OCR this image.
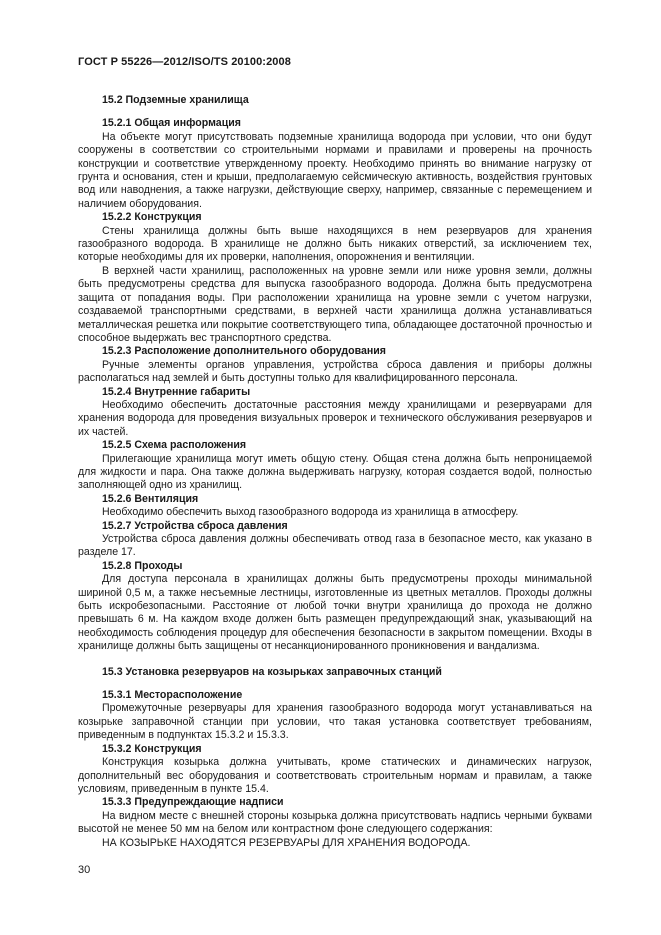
ГОСТ Р 55226—2012/ISO/TS 20100:2008
15.2 Подземные хранилища
15.2.1 Общая информация

На объекте могут присутствовать подземные хранилища водорода при условии, что они будут сооружены в соответствии со строительными нормами и правилами и проверены на прочность конструкции и соответствие утвержденному проекту. Необходимо принять во внимание нагрузку от грунта и основания, стен и крыши, предполагаемую сейсмическую активность, воздействия грунтовых вод или наводнения, а также нагрузки, действующие сверху, например, связанные с перемещением и наличием оборудования.

15.2.2 Конструкция

Стены хранилища должны быть выше находящихся в нем резервуаров для хранения газообразного водорода. В хранилище не должно быть никаких отверстий, за исключением тех, которые необходимы для их проверки, наполнения, опорожнения и вентиляции.

В верхней части хранилищ, расположенных на уровне земли или ниже уровня земли, должны быть предусмотрены средства для выпуска газообразного водорода. Должна быть предусмотрена защита от попадания воды. При расположении хранилища на уровне земли с учетом нагрузки, создаваемой транспортными средствами, в верхней части хранилища должна устанавливаться металлическая решетка или покрытие соответствующего типа, обладающее достаточной прочностью и способное выдержать вес транспортного средства.

15.2.3 Расположение дополнительного оборудования

Ручные элементы органов управления, устройства сброса давления и приборы должны располагаться над землей и быть доступны только для квалифицированного персонала.

15.2.4 Внутренние габариты

Необходимо обеспечить достаточные расстояния между хранилищами и резервуарами для хранения водорода для проведения визуальных проверок и технического обслуживания резервуаров и их частей.

15.2.5 Схема расположения

Прилегающие хранилища могут иметь общую стену. Общая стена должна быть непроницаемой для жидкости и пара. Она также должна выдерживать нагрузку, которая создается водой, полностью заполняющей одно из хранилищ.

15.2.6 Вентиляция

Необходимо обеспечить выход газообразного водорода из хранилища в атмосферу.

15.2.7 Устройства сброса давления

Устройства сброса давления должны обеспечивать отвод газа в безопасное место, как указано в разделе 17.

15.2.8 Проходы

Для доступа персонала в хранилищах должны быть предусмотрены проходы минимальной шириной 0,5 м, а также несъемные лестницы, изготовленные из цветных металлов. Проходы должны быть искробезопасными. Расстояние от любой точки внутри хранилища до прохода не должно превышать 6 м. На каждом входе должен быть размещен предупреждающий знак, указывающий на необходимость соблюдения процедур для обеспечения безопасности в закрытом помещении. Входы в хранилище должны быть защищены от несанкционированного проникновения и вандализма.

15.3 Установка резервуаров на козырьках заправочных станций
15.3.1 Месторасположение

Промежуточные резервуары для хранения газообразного водорода могут устанавливаться на козырьке заправочной станции при условии, что такая установка соответствует требованиям, приведенным в подпунктах 15.3.2 и 15.3.3.

15.3.2 Конструкция

Конструкция козырька должна учитывать, кроме статических и динамических нагрузок, дополнительный вес оборудования и соответствовать строительным нормам и правилам, а также условиям, приведенным в пункте 15.4.

15.3.3 Предупреждающие надписи

На видном месте с внешней стороны козырька должна присутствовать надпись черными буквами высотой не менее 50 мм на белом или контрастном фоне следующего содержания:

НА КОЗЫРЬКЕ НАХОДЯТСЯ РЕЗЕРВУАРЫ ДЛЯ ХРАНЕНИЯ ВОДОРОДА.

30
